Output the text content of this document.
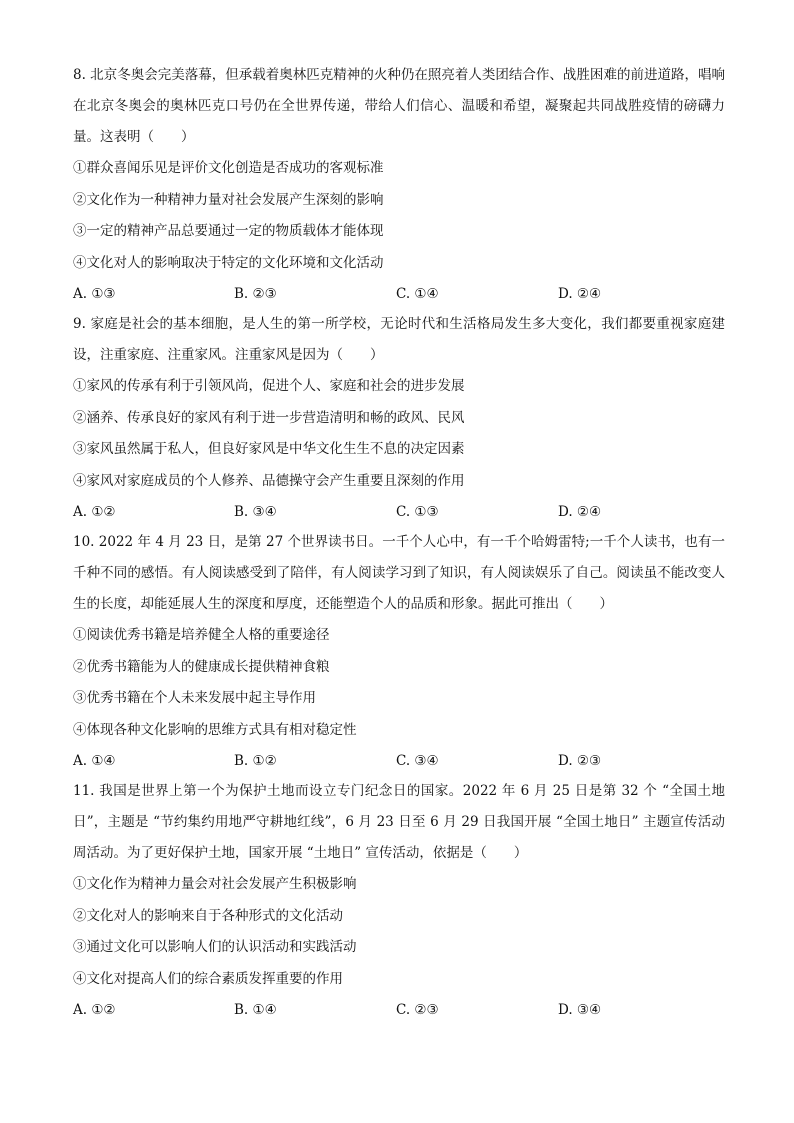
8. 北京冬奥会完美落幕，但承载着奥林匹克精神的火种仍在照亮着人类团结合作、战胜困难的前进道路，唱响在北京冬奥会的奥林匹克口号仍在全世界传递，带给人们信心、温暖和希望，凝聚起共同战胜疫情的磅礴力量。这表明（　　）

①群众喜闻乐见是评价文化创造是否成功的客观标准

②文化作为一种精神力量对社会发展产生深刻的影响

③一定的精神产品总要通过一定的物质载体才能体现

④文化对人的影响取决于特定的文化环境和文化活动

A. ①③	B. ②③	C. ①④	D. ②④

9. 家庭是社会的基本细胞，是人生的第一所学校，无论时代和生活格局发生多大变化，我们都要重视家庭建设，注重家庭、注重家风。注重家风是因为（　　）

①家风的传承有利于引领风尚，促进个人、家庭和社会的进步发展

②涵养、传承良好的家风有利于进一步营造清明和畅的政风、民风

③家风虽然属于私人，但良好家风是中华文化生生不息的决定因素

④家风对家庭成员的个人修养、品德操守会产生重要且深刻的作用

A. ①②	B. ③④	C. ①③	D. ②④

10. 2022 年 4 月 23 日，是第 27 个世界读书日。一千个人心中，有一千个哈姆雷特;一千个人读书，也有一千种不同的感悟。有人阅读感受到了陪伴，有人阅读学习到了知识，有人阅读娱乐了自己。阅读虽不能改变人生的长度，却能延展人生的深度和厚度，还能塑造个人的品质和形象。据此可推出（　　）

①阅读优秀书籍是培养健全人格的重要途径

②优秀书籍能为人的健康成长提供精神食粮

③优秀书籍在个人未来发展中起主导作用

④体现各种文化影响的思维方式具有相对稳定性

A. ①④	B. ①②	C. ③④	D. ②③

11. 我国是世界上第一个为保护土地而设立专门纪念日的国家。2022 年 6 月 25 日是第 32 个 “全国土地日”，主题是 “节约集约用地严守耕地红线”，6 月 23 日至 6 月 29 日我国开展 “全国土地日” 主题宣传活动周活动。为了更好保护土地，国家开展 “土地日” 宣传活动，依据是（　　）

①文化作为精神力量会对社会发展产生积极影响

②文化对人的影响来自于各种形式的文化活动

③通过文化可以影响人们的认识活动和实践活动

④文化对提高人们的综合素质发挥重要的作用

A. ①②	B. ①④	C. ②③	D. ③④
